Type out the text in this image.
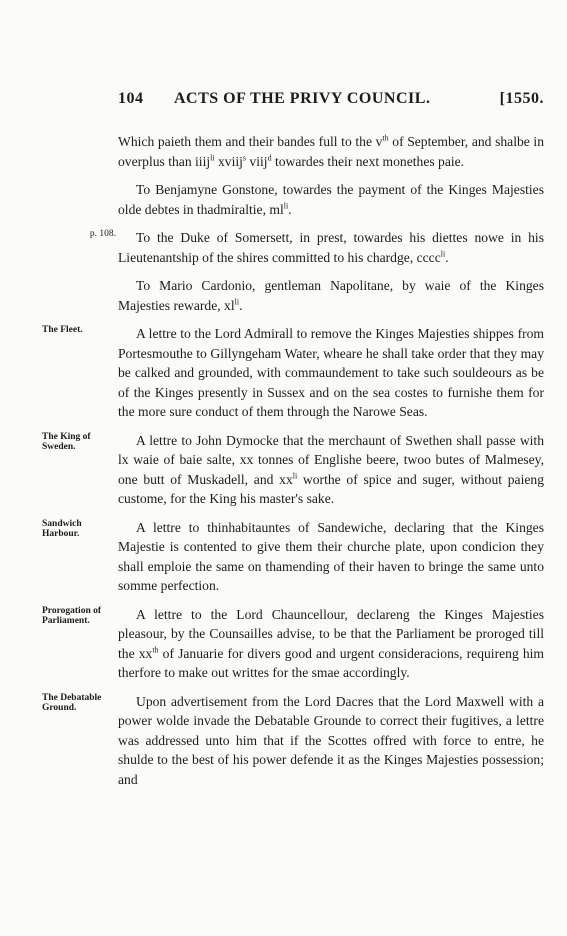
104 ACTS OF THE PRIVY COUNCIL.	[1550.

Which paieth them and their bandes full to the $v^{th}$ of September, and shalbe in overplus than iiij$^{li}$ xviij$^s$ viij$^d$ towardes their next monethes paie.

To Benjamyne Gonstone, towardes the payment of the Kinges Majesties olde debtes in thadmiraltie, $ml^{li}$.

p. 108. To the Duke of Somersett, in prest, towardes his diettes nowe in his Lieutenantship of the shires committed to his chardge, cccc$^{li}$.

To Mario Cardonio, gentleman Napolitane, by waie of the Kinges Majesties rewarde, $xl^{li}$.

The Fleet.	A lettre to the Lord Admirall to remove the Kinges Majesties shippes from Portesmouthe to Gillyngeham Water, wheare he shall take order that they may be calked and grounded, with commaundement to take such souldeours as be of the Kinges presently in Sussex and on the sea costes to furnishe them for the more sure conduct of them through the Narowe Seas.

The King of Sweden.	A lettre to John Dymocke that the merchaunt of Swethen shall passe with lx waie of baie salte, xx tonnes of Englishe beere, twoo butes of Malmesey, one butt of Muskadell, and $xx^{li}$ worthe of spice and suger, without paieng custome, for the King his master's sake.

Sandwich Harbour.	A lettre to thinhabitauntes of Sandewiche, declaring that the Kinges Majestie is contented to give them their churche plate, upon condicion they shall emploie the same on thamending of their haven to bringe the same unto somme perfection.

Prorogation of Parliament.	A lettre to the Lord Chauncellour, declareng the Kinges Majesties pleasour, by the Counsailles advise, to be that the Parliament be proroged till the $xx^{th}$ of Januarie for divers good and urgent consideracions, requireng him therfore to make out writtes for the smae accordingly.

The Debatable Ground.	Upon advertisement from the Lord Dacres that the Lord Maxwell with a power wolde invade the Debatable Grounde to correct their fugitives, a lettre was addressed unto him that if the Scottes offred with force to entre, he shulde to the best of his power defende it as the Kinges Majesties possession; and
